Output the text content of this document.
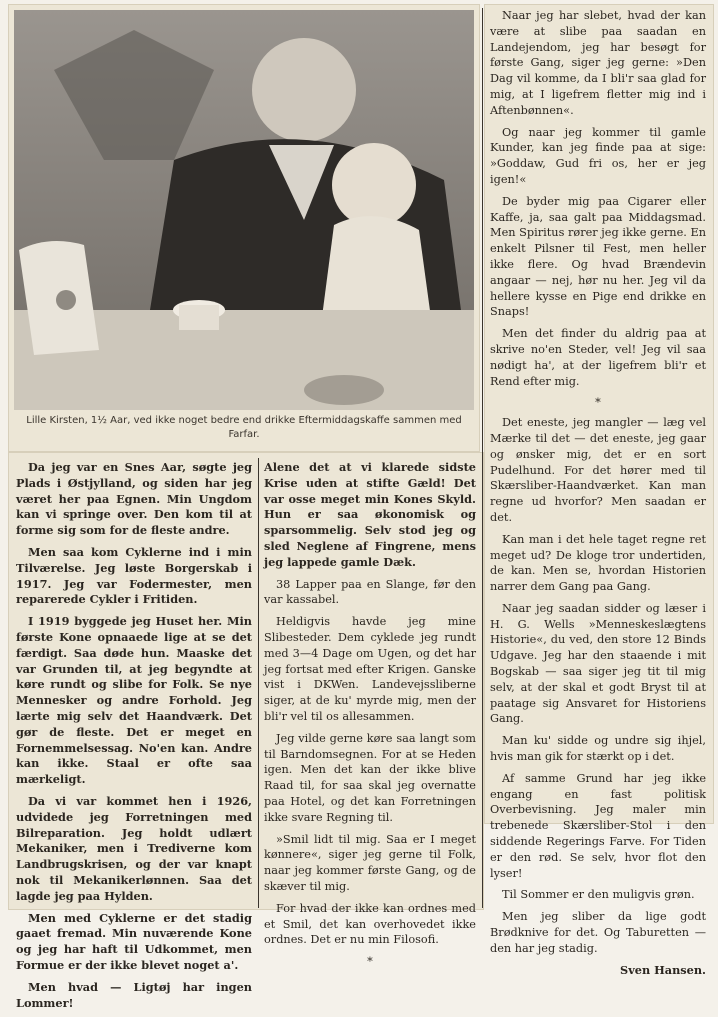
Lille Kirsten, 1½ Aar, ved ikke noget bedre end drikke Eftermiddagskaffe sammen med Farfar.

Da jeg var en Snes Aar, søgte jeg Plads i Østjylland, og siden har jeg været her paa Egnen. Min Ungdom kan vi springe over. Den kom til at forme sig som for de fleste andre.

Men saa kom Cyklerne ind i min Tilværelse. Jeg løste Borgerskab i 1917. Jeg var Fodermester, men reparerede Cykler i Fritiden.

I 1919 byggede jeg Huset her. Min første Kone opnaaede lige at se det færdigt. Saa døde hun. Maaske det var Grunden til, at jeg begyndte at køre rundt og slibe for Folk. Se nye Mennesker og andre Forhold. Jeg lærte mig selv det Haandværk. Det gør de fleste. Det er meget en Fornemmelsessag. No'en kan. Andre kan ikke. Staal er ofte saa mærkeligt.

Da vi var kommet hen i 1926, udvidede jeg Forretningen med Bilreparation. Jeg holdt udlært Mekaniker, men i Trediverne kom Landbrugskrisen, og der var knapt nok til Mekanikerlønnen. Saa det lagde jeg paa Hylden.

Men med Cyklerne er det stadig gaaet fremad. Min nuværende Kone og jeg har haft til Udkommet, men Formue er der ikke blevet noget a'.

Men hvad — Ligtøj har ingen Lommer!

Alene det at vi klarede sidste Krise uden at stifte Gæld! Det var osse meget min Kones Skyld. Hun er saa økonomisk og sparsommelig. Selv stod jeg og sled Neglene af Fingrene, mens jeg lappede gamle Dæk.

38 Lapper paa en Slange, før den var kassabel.

Heldigvis havde jeg mine Slibesteder. Dem cyklede jeg rundt med 3—4 Dage om Ugen, og det har jeg fortsat med efter Krigen. Ganske vist i DKWen. Landevejssliberne siger, at de ku' myrde mig, men der bli'r vel til os allesammen.

Jeg vilde gerne køre saa langt som til Barndomsegnen. For at se Heden igen. Men det kan der ikke blive Raad til, for saa skal jeg overnatte paa Hotel, og det kan Forretningen ikke svare Regning til.

»Smil lidt til mig. Saa er I meget kønnere«, siger jeg gerne til Folk, naar jeg kommer første Gang, og de skæver til mig.

For hvad der ikke kan ordnes med et Smil, det kan overhovedet ikke ordnes. Det er nu min Filosofi.

*

Naar jeg har slebet, hvad der kan være at slibe paa saadan en Landejendom, jeg har besøgt for første Gang, siger jeg gerne: »Den Dag vil komme, da I bli'r saa glad for mig, at I ligefrem fletter mig ind i Aftenbønnen«.

Og naar jeg kommer til gamle Kunder, kan jeg finde paa at sige: »Goddaw, Gud fri os, her er jeg igen!«

De byder mig paa Cigarer eller Kaffe, ja, saa galt paa Middagsmad. Men Spiritus rører jeg ikke gerne. En enkelt Pilsner til Fest, men heller ikke flere. Og hvad Brændevin angaar — nej, hør nu her. Jeg vil da hellere kysse en Pige end drikke en Snaps!

Men det finder du aldrig paa at skrive no'en Steder, vel! Jeg vil saa nødigt ha', at der ligefrem bli'r et Rend efter mig.

*

Det eneste, jeg mangler — læg vel Mærke til det — det eneste, jeg gaar og ønsker mig, det er en sort Pudelhund. For det hører med til Skærsliber-Haandværket. Kan man regne ud hvorfor? Men saadan er det.

Kan man i det hele taget regne ret meget ud? De kloge tror undertiden, de kan. Men se, hvordan Historien narrer dem Gang paa Gang.

Naar jeg saadan sidder og læser i H. G. Wells »Menneskeslægtens Historie«, du ved, den store 12 Binds Udgave. Jeg har den staaende i mit Bogskab — saa siger jeg tit til mig selv, at der skal et godt Bryst til at paatage sig Ansvaret for Historiens Gang.

Man ku' sidde og undre sig ihjel, hvis man gik for stærkt op i det.

Af samme Grund har jeg ikke engang en fast politisk Overbevisning. Jeg maler min trebenede Skærsliber-Stol i den siddende Regerings Farve. For Tiden er den rød. Se selv, hvor flot den lyser!

Til Sommer er den muligvis grøn.

Men jeg sliber da lige godt Brødknive for det. Og Taburetten — den har jeg stadig.

Sven Hansen.
